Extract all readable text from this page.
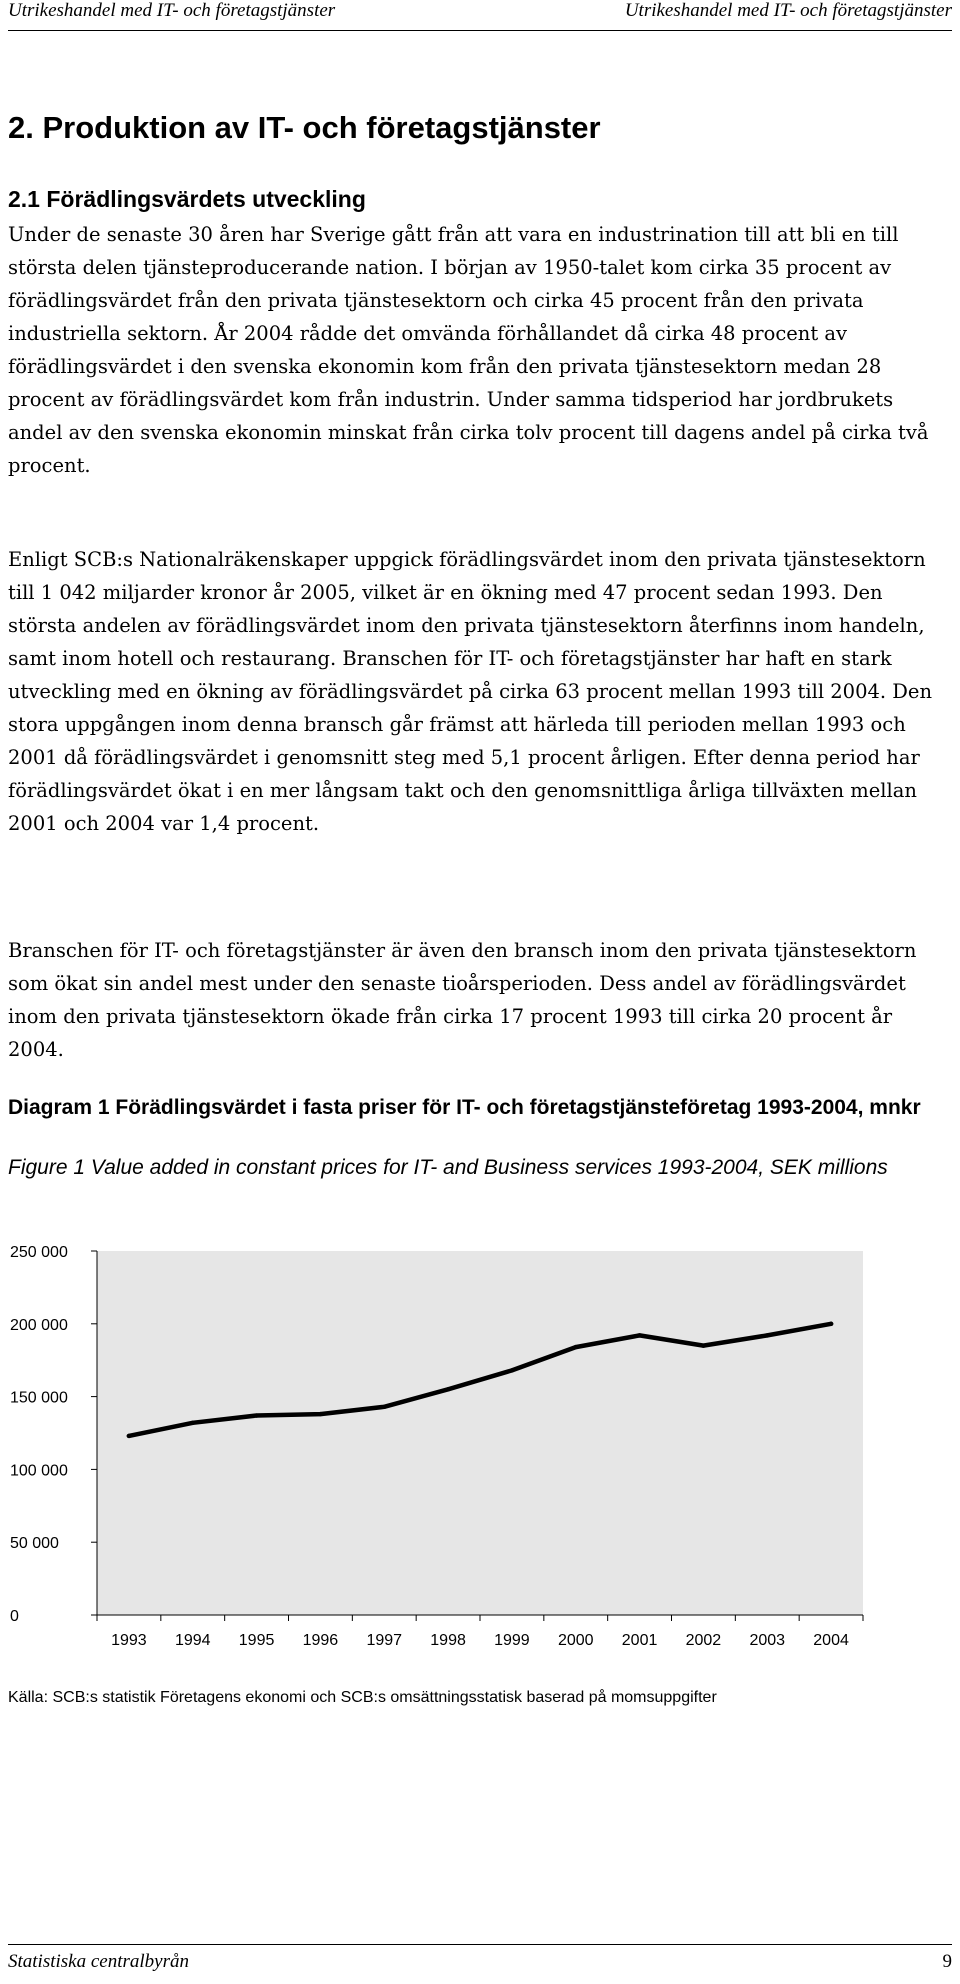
Utrikeshandel med IT- och företagstjänster	Utrikeshandel med IT- och företagstjänster
2. Produktion av IT- och företagstjänster
2.1 Förädlingsvärdets utveckling

Under de senaste 30 åren har Sverige gått från att vara en industrination till att bli en till största delen tjänsteproducerande nation. I början av 1950-talet kom cirka 35 procent av förädlingsvärdet från den privata tjänstesektorn och cirka 45 procent från den privata industriella sektorn. År 2004 rådde det omvända förhållandet då cirka 48 procent av förädlingsvärdet i den svenska ekonomin kom från den privata tjänstesektorn medan 28 procent av förädlingsvärdet kom från industrin. Under samma tidsperiod har jordbrukets andel av den svenska ekonomin minskat från cirka tolv procent till dagens andel på cirka två procent.

Enligt SCB:s Nationalräkenskaper uppgick förädlingsvärdet inom den privata tjänstesektorn till 1 042 miljarder kronor år 2005, vilket är en ökning med 47 procent sedan 1993. Den största andelen av förädlingsvärdet inom den privata tjänstesektorn återfinns inom handeln, samt inom hotell och restaurang. Branschen för IT- och företagstjänster har haft en stark utveckling med en ökning av förädlingsvärdet på cirka 63 procent mellan 1993 till 2004. Den stora uppgången inom denna bransch går främst att härleda till perioden mellan 1993 och 2001 då förädlingsvärdet i genomsnitt steg med 5,1 procent årligen. Efter denna period har förädlingsvärdet ökat i en mer långsam takt och den genomsnittliga årliga tillväxten mellan 2001 och 2004 var 1,4 procent.

Branschen för IT- och företagstjänster är även den bransch inom den privata tjänstesektorn som ökat sin andel mest under den senaste tioårsperioden. Dess andel av förädlingsvärdet inom den privata tjänstesektorn ökade från cirka 17 procent 1993 till cirka 20 procent år 2004.

Diagram 1 Förädlingsvärdet i fasta priser för IT- och företagstjänsteföretag 1993-2004, mnkr

Figure 1 Value added in constant prices for IT- and Business services 1993-2004, SEK millions

250 000
200 000
150 000
100 000
50 000
0
1993 1994 1995 1996 1997 1998 1999 2000 2001 2002 2003 2004
Källa: SCB:s statistik Företagens ekonomi och SCB:s omsättningsstatisk baserad på momsuppgifter
Statistiska centralbyrån	9
